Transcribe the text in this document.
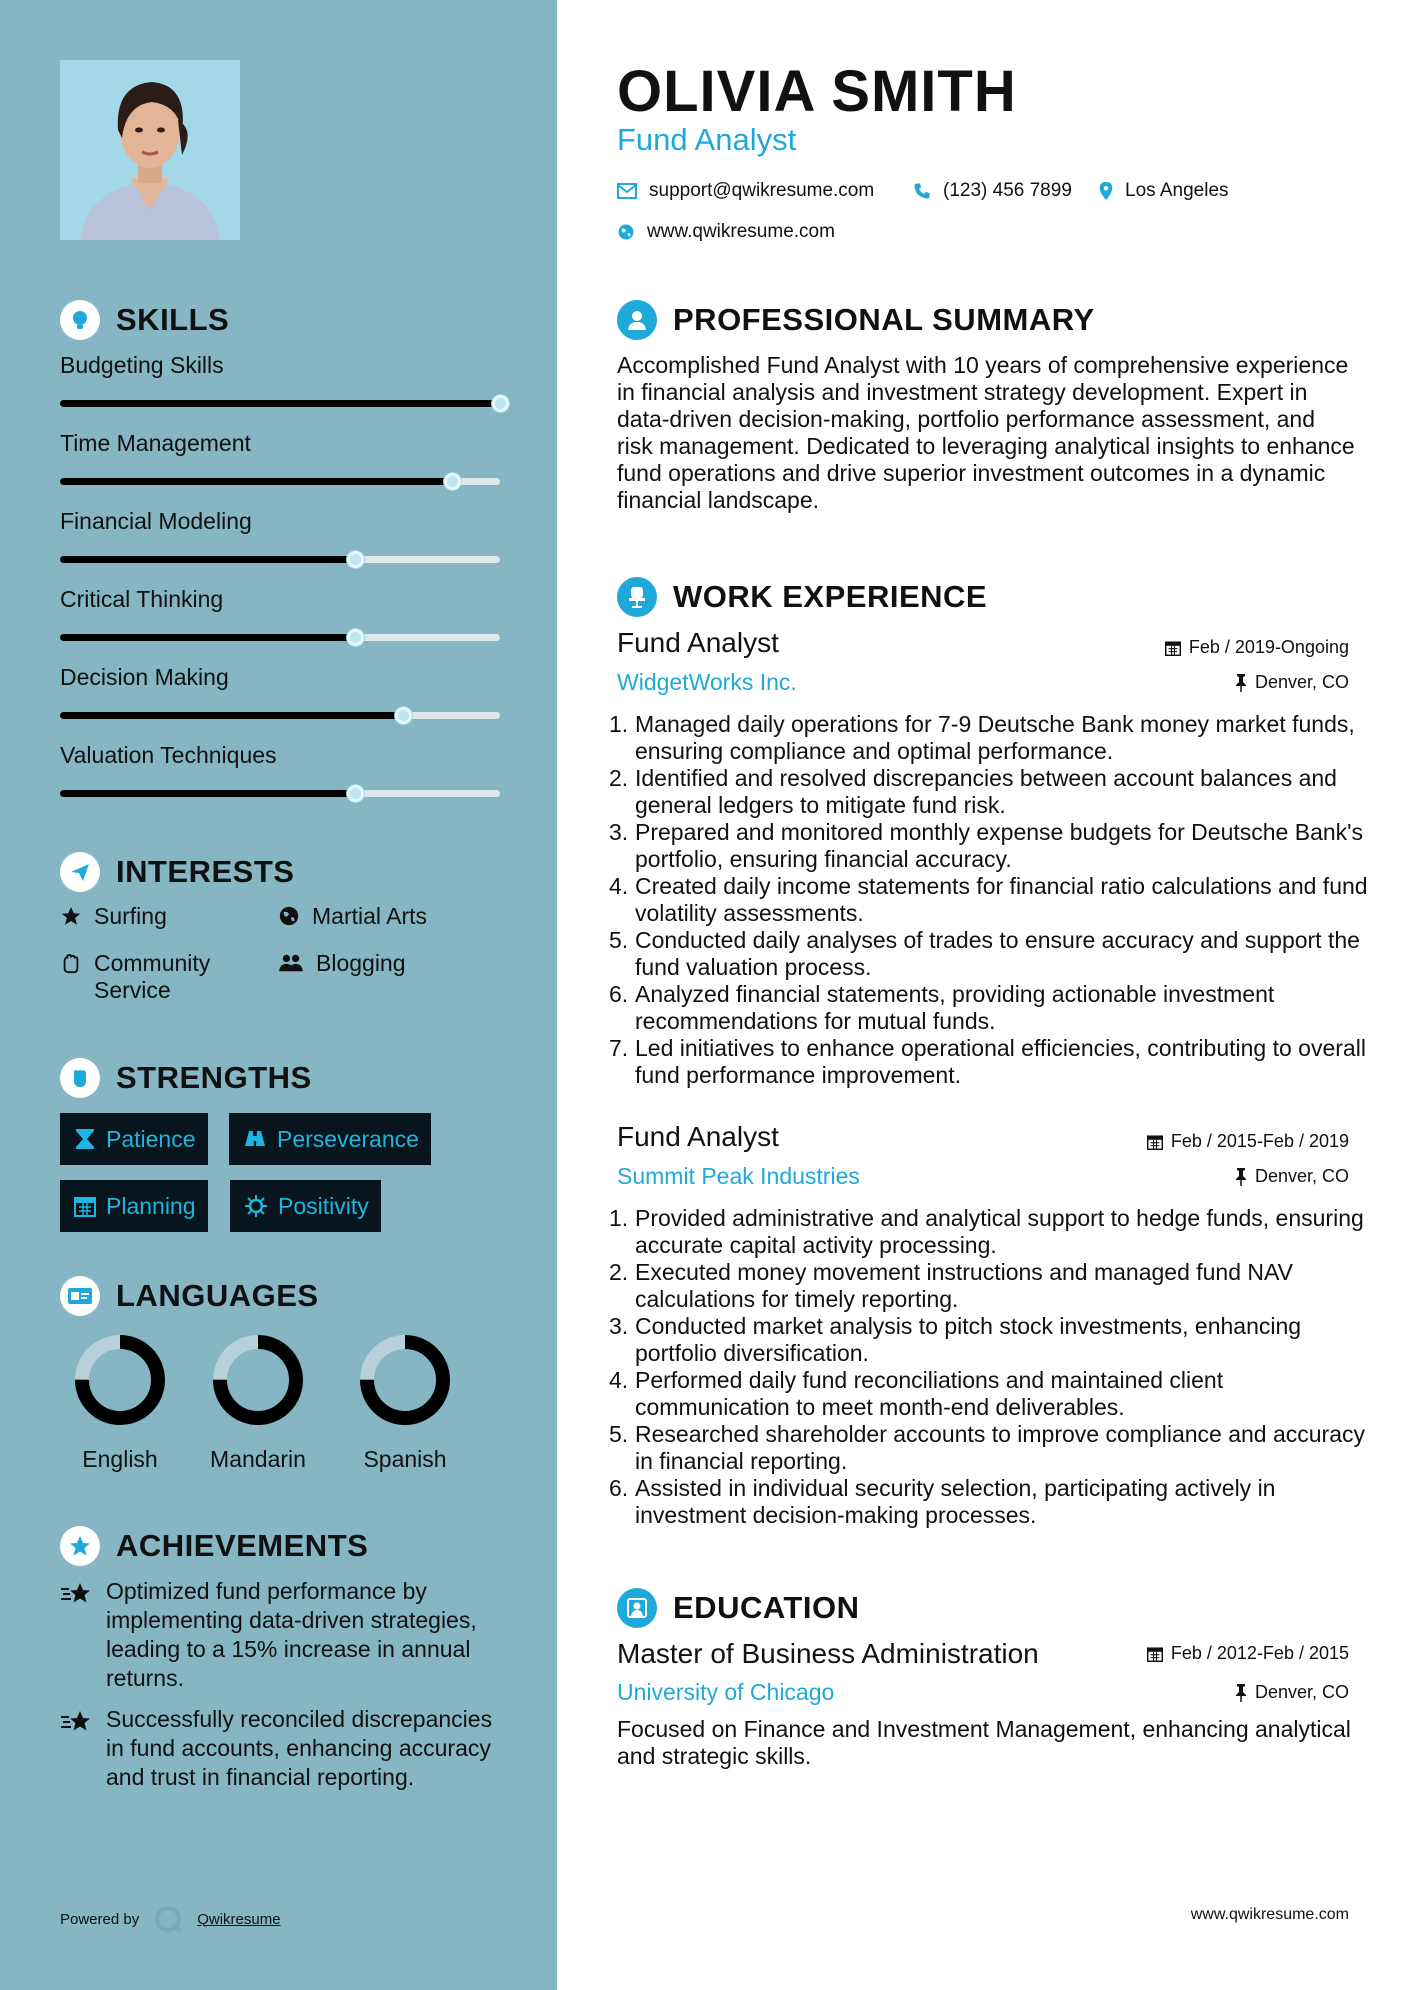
SKILLS
Budgeting Skills
Time Management
Financial Modeling
Critical Thinking
Decision Making
Valuation Techniques
INTERESTS
Surfing	Martial Arts
Community Service
Blogging
STRENGTHS
Patience	Perseverance
Planning	Positivity
LANGUAGES
English	Mandarin	Spanish
ACHIEVEMENTS
Optimized fund performance by implementing data-driven strategies, leading to a 15% increase in annual returns.
Successfully reconciled discrepancies in fund accounts, enhancing accuracy and trust in financial reporting.
Powered by	Qwikresume
OLIVIA SMITH
Fund Analyst
support@qwikresume.com	(123) 456 7899	Los Angeles
www.qwikresume.com
PROFESSIONAL SUMMARY
Accomplished Fund Analyst with 10 years of comprehensive experience in financial analysis and investment strategy development. Expert in data-driven decision-making, portfolio performance assessment, and risk management. Dedicated to leveraging analytical insights to enhance fund operations and drive superior investment outcomes in a dynamic financial landscape.
WORK EXPERIENCE
Fund Analyst	Feb / 2019-Ongoing
WidgetWorks Inc.	Denver, CO
1. Managed daily operations for 7-9 Deutsche Bank money market funds, ensuring compliance and optimal performance.
2. Identified and resolved discrepancies between account balances and general ledgers to mitigate fund risk.
3. Prepared and monitored monthly expense budgets for Deutsche Bank's portfolio, ensuring financial accuracy.
4. Created daily income statements for financial ratio calculations and fund volatility assessments.
5. Conducted daily analyses of trades to ensure accuracy and support the fund valuation process.
6. Analyzed financial statements, providing actionable investment recommendations for mutual funds.
7. Led initiatives to enhance operational efficiencies, contributing to overall fund performance improvement.
Fund Analyst	Feb / 2015-Feb / 2019
Summit Peak Industries	Denver, CO
1. Provided administrative and analytical support to hedge funds, ensuring accurate capital activity processing.
2. Executed money movement instructions and managed fund NAV calculations for timely reporting.
3. Conducted market analysis to pitch stock investments, enhancing portfolio diversification.
4. Performed daily fund reconciliations and maintained client communication to meet month-end deliverables.
5. Researched shareholder accounts to improve compliance and accuracy in financial reporting.
6. Assisted in individual security selection, participating actively in investment decision-making processes.
EDUCATION
Master of Business Administration	Feb / 2012-Feb / 2015
University of Chicago	Denver, CO
Focused on Finance and Investment Management, enhancing analytical and strategic skills.
www.qwikresume.com
